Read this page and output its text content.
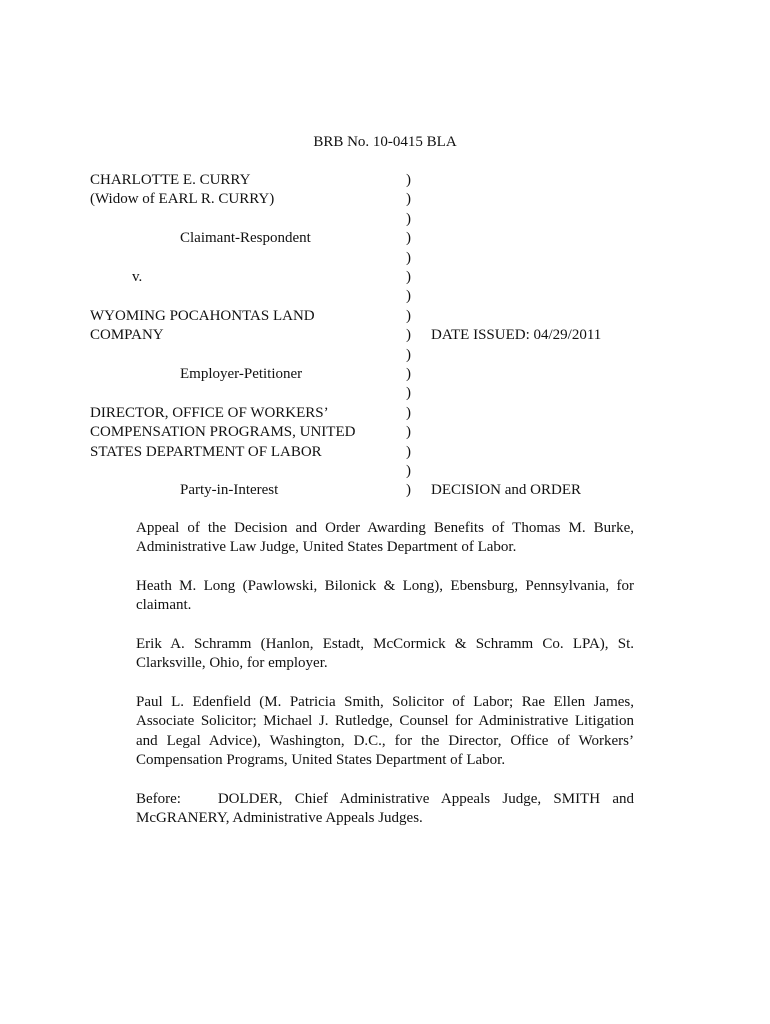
BRB No. 10-0415 BLA
CHARLOTTE E. CURRY
(Widow of EARL R. CURRY)
Claimant-Respondent
v.
WYOMING POCAHONTAS LAND
COMPANY
Employer-Petitioner
DIRECTOR, OFFICE OF WORKERS’
COMPENSATION PROGRAMS, UNITED
STATES DEPARTMENT OF LABOR
Party-in-Interest
)
)
)
)
)
)
)
)
)
)
)
)
)
)
)
)
)
DATE ISSUED: 04/29/2011
DECISION and ORDER

Appeal of the Decision and Order Awarding Benefits of Thomas M. Burke, Administrative Law Judge, United States Department of Labor.

Heath M. Long (Pawlowski, Bilonick & Long), Ebensburg, Pennsylvania, for claimant.

Erik A. Schramm (Hanlon, Estadt, McCormick & Schramm Co. LPA), St. Clarksville, Ohio, for employer.

Paul L. Edenfield (M. Patricia Smith, Solicitor of Labor; Rae Ellen James, Associate Solicitor; Michael J. Rutledge, Counsel for Administrative Litigation and Legal Advice), Washington, D.C., for the Director, Office of Workers’ Compensation Programs, United States Department of Labor.

Before:   DOLDER, Chief Administrative Appeals Judge, SMITH and McGRANERY, Administrative Appeals Judges.
